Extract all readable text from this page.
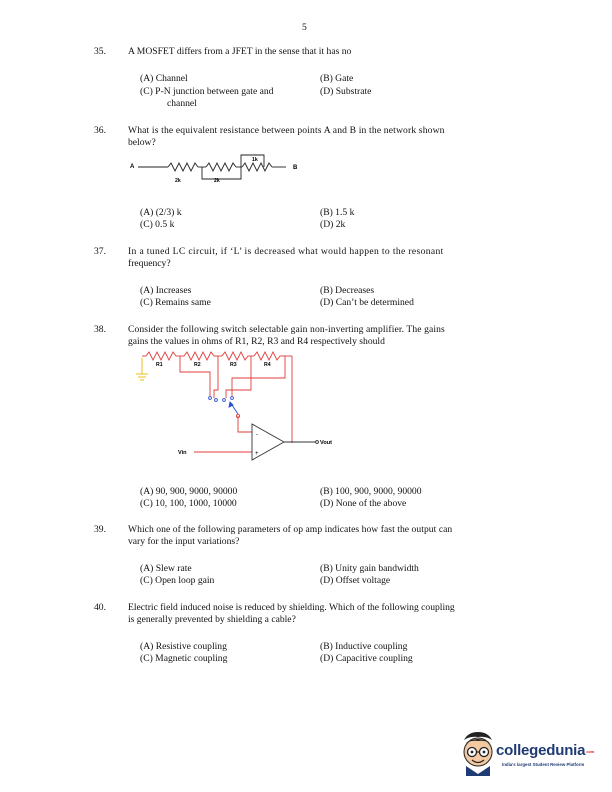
5
35. A MOSFET differs from a JFET in the sense that it has no
(A) Channel	(B) Gate
(C) P-N junction between gate and
channel
(D) Substrate
36. What is the equivalent resistance between points A and B in the network shown
below?
A
2k	2k
1k
B
(A) (2/3) k	(B) 1.5 k
(C) 0.5 k	(D) 2k
37. In a tuned LC circuit, if ‘L’ is decreased what would happen to the resonant
frequency?
(A) Increases	(B) Decreases
(C) Remains same	(D) Can’t be determined
38. Consider the following switch selectable gain non-inverting amplifier. The gains
gains the values in ohms of R1, R2, R3 and R4 respectively should
R1	R2	R3	R4
-
+
Vin
Vout
(A) 90, 900, 9000, 90000	(B) 100, 900, 9000, 90000
(C) 10, 100, 1000, 10000	(D) None of the above
39. Which one of the following parameters of op amp indicates how fast the output can
vary for the input variations?
(A) Slew rate	(B) Unity gain bandwidth
(C) Open loop gain	(D) Offset voltage
40. Electric field induced noise is reduced by shielding. Which of the following coupling
is generally prevented by shielding a cable?
(A) Resistive coupling	(B) Inductive coupling
(C) Magnetic coupling	(D) Capacitive coupling
collegeduniacom
India's largest Student Review Platform
